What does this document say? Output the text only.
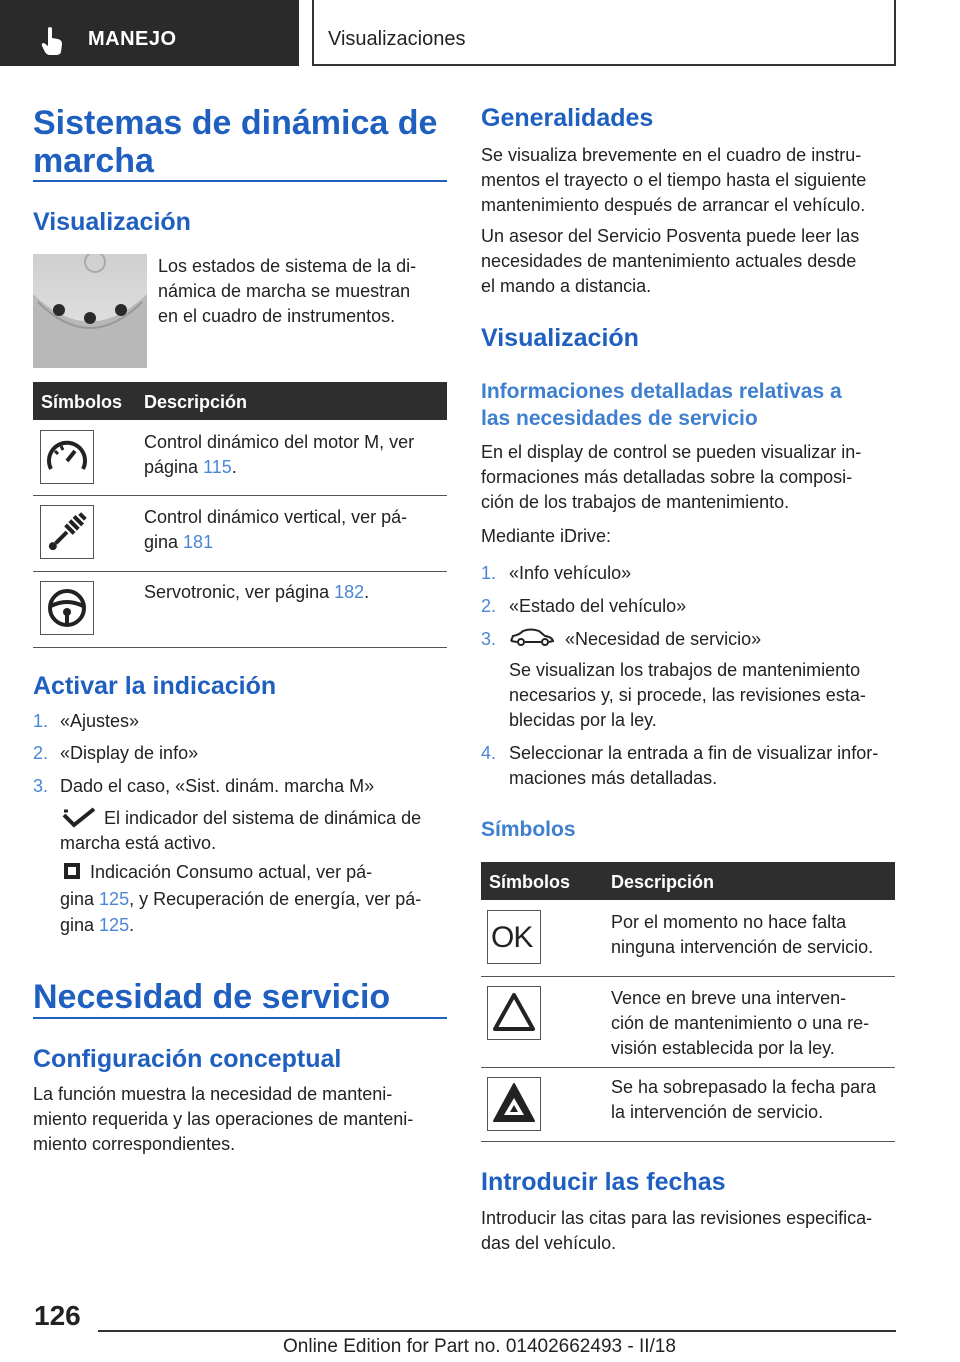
MANEJO	Visualizaciones
Sistemas de dinámica de
marcha
Visualización
Los estados de sistema de la di-
námica de marcha se muestran
en el cuadro de instrumentos.
Símbolos Descripción
Control dinámico del motor M, ver
página 115.
Control dinámico vertical, ver pá-
gina 181
Servotronic, ver página 182.
Activar la indicación
1. «Ajustes»
2. «Display de info»
3. Dado el caso, «Sist. dinám. marcha M»
El indicador del sistema de dinámica de
marcha está activo.
Indicación Consumo actual, ver pá-
gina 125, y Recuperación de energía, ver pá-
gina 125.
Necesidad de servicio
Configuración conceptual
La función muestra la necesidad de manteni-
miento requerida y las operaciones de manteni-
miento correspondientes.
Generalidades
Se visualiza brevemente en el cuadro de instru-
mentos el trayecto o el tiempo hasta el siguiente
mantenimiento después de arrancar el vehículo.
Un asesor del Servicio Posventa puede leer las
necesidades de mantenimiento actuales desde
el mando a distancia.
Visualización
Informaciones detalladas relativas a
las necesidades de servicio
En el display de control se pueden visualizar in-
formaciones más detalladas sobre la composi-
ción de los trabajos de mantenimiento.
Mediante iDrive:
1. «Info vehículo»
2. «Estado del vehículo»
3.	«Necesidad de servicio»
Se visualizan los trabajos de mantenimiento
necesarios y, si procede, las revisiones esta-
blecidas por la ley.
4. Seleccionar la entrada a fin de visualizar infor-
maciones más detalladas.
Símbolos
Símbolos Descripción
OK	Por el momento no hace falta
ninguna intervención de servicio.
Vence en breve una interven-
ción de mantenimiento o una re-
visión establecida por la ley.
Se ha sobrepasado la fecha para
la intervención de servicio.
Introducir las fechas
Introducir las citas para las revisiones especifica-
das del vehículo.
126
Online Edition for Part no. 01402662493 - II/18
